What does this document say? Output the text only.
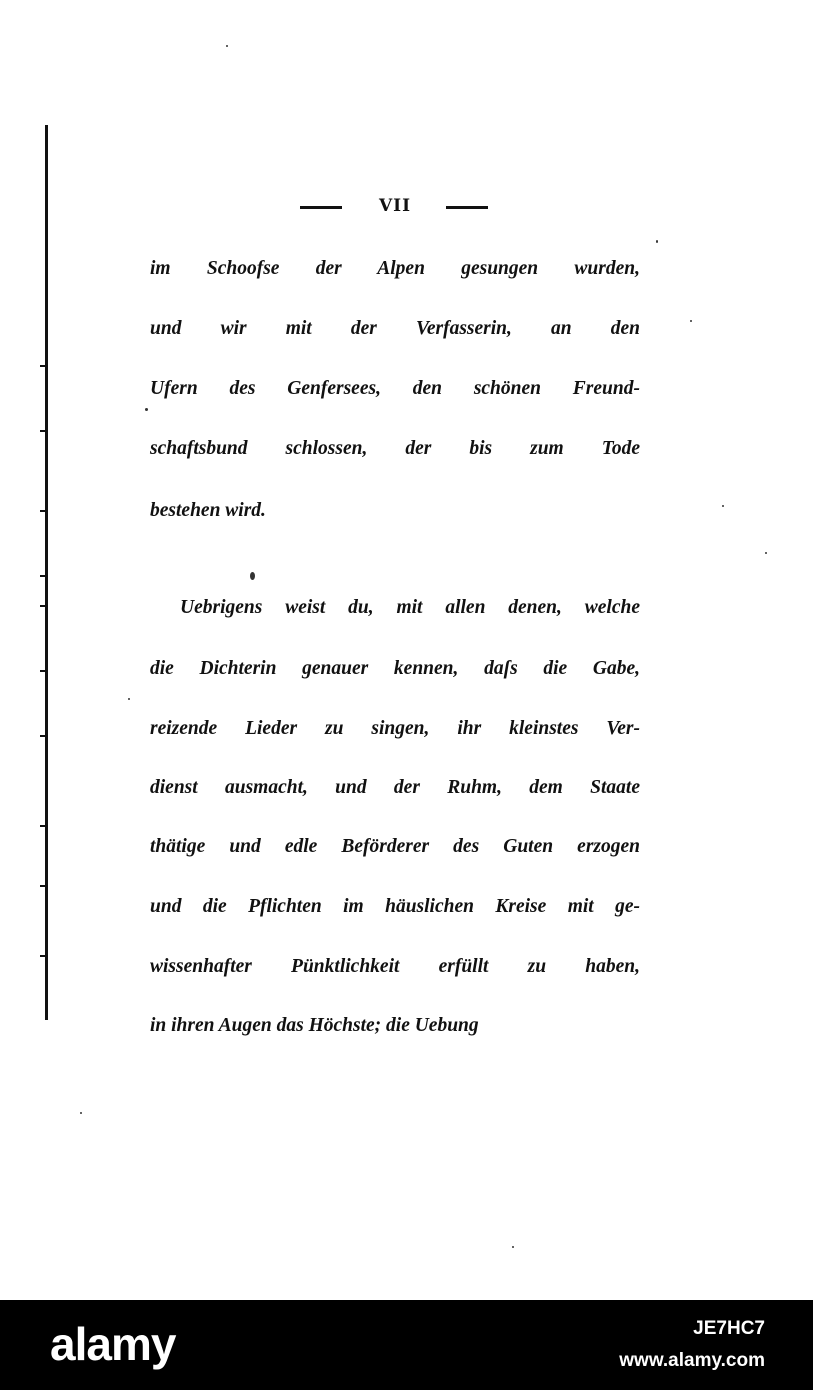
VII
im Schoofse der Alpen gesungen wurden,
und wir mit der Verfasserin, an den
Ufern des Genfersees, den schönen Freund-
schaftsbund schlossen, der bis zum Tode
bestehen wird.
Uebrigens weist du, mit allen denen, welche
die Dichterin genauer kennen, daſs die Gabe,
reizende Lieder zu singen, ihr kleinstes Ver-
dienst ausmacht, und der Ruhm, dem Staate
thätige und edle Beförderer des Guten erzogen
und die Pflichten im häuslichen Kreise mit ge-
wissenhafter Pünktlichkeit erfüllt zu haben,
in ihren Augen das Höchste; die Uebung
alamy	JE7HC7
www.alamy.com
